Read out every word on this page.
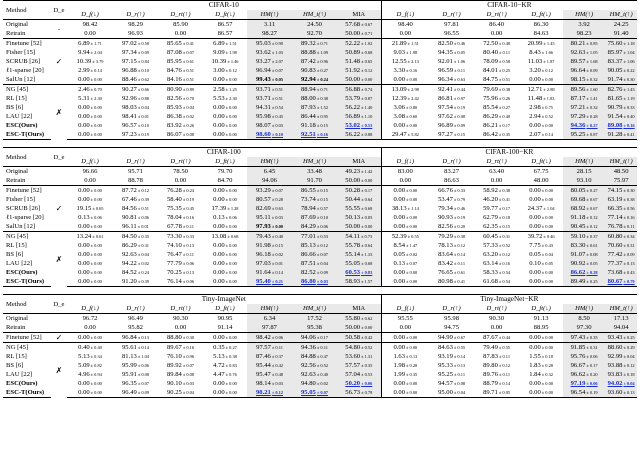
Method	D_e	CIFAR-10							CIFAR-10−KR					
		D_f(↓)	D_r(↑)	D_rt(↑)	D_ft(↓)	HM(↑)	HM_t(↑)	MIA	D_f(↓)	D_r(↑)	D_rt(↑)	D_ft(↓)	HM(↑)	HM_t(↑)
Original	-	98.42	98.29	85.90	86.57	3.11	24.50	57.68± 0.67	98.40	97.81	86.40	86.30	3.92	24.25
Retrain		0.00	96.93	0.00	86.57	98.27	92.70	50.00± 0.71	0.00	96.55	0.00	84.63	98.23	91.40
Finetune [52]	✓	6.89± 1.71	97.02± 0.58	85.65± 0.41	6.89± 1.51	95.03± 0.90	89.32± 0.71	52.22± 1.02	21.89± 1.51	82.50± 0.46	72.50± 0.48	20.99± 1.45	80.21± 0.85	75.60± 1.18
Fisher [15]		9.94± 2.04	97.34± 0.09	87.08± 0.07	9.09± 1.98	93.62± 1.03	88.88± 1.09	50.89± 0.68	9.03± 1.98	94.35± 0.05	80.40± 0.11	8.43± 1.66	92.63± 1.05	85.97± 1.04
SCRUB [26]		10.39± 3.79	97.15± 0.84	85.95± 0.61	10.39± 1.46	93.27± 2.07	87.42± 0.96	51.48± 0.65	12.55± 2.13	92.01± 1.06	78.09± 0.58	11.03± 1.87	89.57± 1.68	83.37± 1.06
ℓ1-sparse [20]		2.99± 0.14	96.88± 0.10	84.76± 0.51	3.00± 0.12	96.94± 0.07	90.83± 0.27	51.92± 0.12	3.30± 0.16	96.59± 0.11	84.01± 0.25	3.20± 0.12	96.64± 0.09	90.05± 0.22
SalUn [12]		0.00± 0.00	88.46± 0.62	84.16± 0.51	0.00± 0.00	99.43± 0.05	92.94± 0.24	50.00± 0.00	0.00± 0.00	96.34± 0.63	84.75± 0.51	0.00± 0.00	98.15± 0.32	91.74± 0.30
NG [45]	✗	2.46± 0.70	90.27± 0.66	80.90± 0.89	2.58± 1.25	93.71± 0.51	88.94± 0.71	56.88± 0.74	13.09± 2.98	92.41± 0.44	79.69± 0.38	12.71± 2.88	89.56± 1.60	82.76± 1.43
RL [15]		5.31± 2.30	92.96± 0.88	82.56± 0.70	5.53± 2.30	93.71± 0.51	88.00± 0.38	53.79± 0.87	12.39± 2.42	86.81± 0.97	75.96± 0.26	11.48± 1.83	87.17± 1.41	81.65± 1.19
BS [6]		0.00± 0.00	98.03± 0.04	85.93± 0.04	0.00± 0.00	94.31± 0.54	87.93± 1.52	56.22± 1.40	3.06± 0.80	97.54± 0.19	85.54± 0.27	2.98± 0.75	97.21± 0.32	90.79± 0.33
LAU [22]		0.00± 0.00	98.41± 0.01	86.38± 0.02	0.00± 0.00	95.98± 0.45	86.44± 0.95	56.89± 1.10	3.08± 0.60	97.62± 0.08	86.29± 0.40	2.94± 0.52	97.29± 0.28	91.54± 0.40
ESC(Ours)		0.00± 0.00	96.57± 0.10	83.92± 0.26	0.00± 0.00	98.07± 0.03	91.18± 0.15	53.02± 0.53	0.00± 0.00	96.89± 0.09	86.21± 0.17	0.00± 0.00	94.36± 0.27	89.08± 0.16
ESC-T(Ours)		0.00± 0.00	97.23± 0.19	86.07± 0.08	0.00± 0.00	98.60± 0.10	92.51± 0.16	56.22± 0.88	29.47± 5.82	97.27± 0.15	86.42± 0.35	2.07± 0.14	95.25± 0.87	91.28± 0.41

Method	D_e	CIFAR-100							CIFAR-100−KR					
		D_f(↓)	D_r(↑)	D_rt(↑)	D_ft(↓)	HM(↑)	HM_t(↑)	MIA	D_f(↓)	D_r(↑)	D_rt(↑)	D_ft(↓)	HM(↑)	HM_t(↑)
Original		96.66	95.71	78.50	79.70	6.45	33.48	49.23± 1.42	83.00	83.27	63.40	67.75	28.15	48.50
Retrain		0.00	88.78	0.00	84.70	94.06	91.70	50.00± 0.00	0.00	86.63	0.00	48.00	93.10	75.97
Finetune [52]	✓	0.00± 0.00	87.72± 0.12	76.28± 0.24	0.00± 0.00	93.29± 0.07	86.55± 0.15	50.28± 0.17	0.00± 0.00	66.76± 0.33	58.92± 0.38	0.00± 0.00	80.05± 0.27	74.15± 0.30
Fisher [15]		0.00± 0.00	67.46± 0.39	58.40± 0.19	0.00± 0.00	80.57± 0.28	73.74± 0.15	50.44± 0.64	0.00± 0.00	53.47± 0.79	46.20± 0.41	0.00± 0.00	69.68± 0.67	63.19± 0.38
SCRUB [26]		19.15± 0.65	84.56± 0.51	75.35± 0.45	17.39± 1.28	82.69± 0.63	78.94± 0.57	55.55± 0.68	38.13± 1.14	79.34± 0.46	59.77± 0.17	24.37± 1.04	68.92± 0.67	66.35± 0.56
ℓ1-sparse [20]		0.13± 0.06	90.81± 0.06	78.04± 0.16	0.13± 0.06	95.11± 0.03	87.69± 0.10	50.13± 0.05	0.00± 0.00	90.93± 0.19	62.79± 0.18	0.00± 0.00	91.18± 0.12	77.14± 0.16
SalUn [12]		0.00± 0.00	96.11± 0.01	67.78± 0.11	0.00± 0.00	97.93± 0.00	84.29± 0.06	50.00± 0.00	0.00± 0.00	82.56± 0.20	62.35± 0.15	0.00± 0.00	90.45± 0.12	76.78± 0.11
NG [45]	✗	13.24± 0.61	84.50± 0.35	73.30± 0.33	13.08± 0.68	79.43± 0.40	77.01± 0.53	54.11± 0.73	52.39± 0.55	79.29± 0.38	60.45± 0.31	39.72± 0.46	59.10± 0.37	60.80± 0.34
RL [15]		0.00± 0.00	86.29± 0.31	74.10± 0.13	0.00± 0.00	91.98± 0.15	85.13± 0.12	55.78± 0.64	8.54± 1.47	78.13± 0.12	57.33± 0.52	7.75± 0.43	83.30± 0.61	70.60± 0.31
BS [6]		0.00± 0.00	92.63± 0.04	76.47± 0.11	0.00± 0.00	96.18± 0.02	86.66± 0.07	55.14± 1.33	0.05± 0.02	83.64± 0.14	63.20± 0.12	0.05± 0.04	91.07± 0.08	77.42± 0.09
LAU [22]		0.00± 0.00	94.22± 0.02	77.79± 0.06	0.00± 0.00	97.03± 0.01	87.51± 0.04	55.05± 0.68	0.13± 0.07	83.42± 0.11	63.14± 0.16	0.10± 0.05	90.92± 0.05	77.37± 0.13
ESC(Ours)		0.00± 0.00	84.52± 0.24	70.25± 0.13	0.00± 0.00	91.64± 0.14	82.52± 0.09	60.53± 0.83	0.00± 0.00	76.65± 0.61	58.33± 0.54	0.00± 0.00	86.62± 0.28	73.68± 0.43
ESC-T(Ours)		0.00± 0.00	91.20± 0.39	76.14± 0.06	0.00± 0.00	95.40± 0.21	86.80± 0.03	58.93± 1.57	0.00± 0.00	80.98± 0.41	61.68± 0.54	0.00± 0.00	89.49± 0.25	80.67± 0.79

Method	D_e	Tiny-ImageNet							Tiny-ImageNet−KR					
		D_f(↓)	D_r(↑)	D_rt(↑)	D_ft(↓)	HM(↑)	HM_t(↑)	MIA	D_f(↓)	D_r(↑)	D_rt(↑)	D_ft(↓)	HM(↑)	HM_t(↑)
Original		96.72	96.49	90.30	90.95	6.34	17.52	55.80± 0.62	95.55	95.98	90.30	91.13	8.50	17.13
Retrain		0.00	95.82	0.00	91.14	97.87	95.38	50.00± 0.00	0.00	94.75	0.00	88.95	97.30	94.04
Finetune [52]	✓	0.00± 0.00	96.84± 0.13	88.80± 0.30	0.00± 0.00	98.42± 0.06	94.06± 0.17	50.58± 0.42	0.00± 0.00	94.99± 0.67	87.67± 0.44	0.00± 0.00	97.43± 0.35	93.43± 0.25
NG [45]	✗	0.40± 0.40	95.61± 0.14	89.67± 0.16	0.35± 0.27	97.57± 0.11	94.36± 0.11	54.80± 0.52	0.00± 0.00	84.63± 0.55	79.49± 0.55	0.00± 0.00	91.85± 0.31	88.60± 0.29
RL [15]		5.13± 0.34	81.13± 1.04	76.10± 0.96	5.13± 0.38	87.46± 0.37	84.88± 0.47	53.60± 1.31	1.63± 0.13	93.19± 0.14	87.83± 0.11	1.55± 0.18	95.76± 0.06	92.99± 0.04
BS [6]		5.09± 0.82	95.99± 0.06	89.92± 0.07	4.72± 0.83	95.44± 0.42	92.56± 0.52	57.57± 0.35	1.98± 0.28	95.33± 0.13	89.80± 0.12	1.83± 0.28	96.67± 0.17	93.88± 0.12
LAU [22]		4.96± 0.94	95.91± 0.08	89.84± 0.08	4.47± 0.76	95.47± 0.48	92.63± 0.40	57.04± 0.53	1.99± 0.35	95.25± 0.11	89.76± 0.11	1.84± 0.32	96.62± 0.20	93.83± 0.18
ESC(Ours)		0.00± 0.00	96.35± 0.07	90.10± 0.03	0.00± 0.00	98.14± 0.03	94.80± 0.02	50.20± 0.06	0.00± 0.00	94.57± 0.08	88.79± 0.14	0.00± 0.00	97.19± 0.06	94.02± 0.04
ESC-T(Ours)		0.00± 0.00	96.49± 0.09	90.25± 0.04	0.00± 0.00	98.21± 0.12	95.05± 0.07	56.73± 0.78	0.00± 0.00	95.00± 0.04	89.71± 0.05	0.00± 0.00	96.54± 0.19	93.60± 0.13
